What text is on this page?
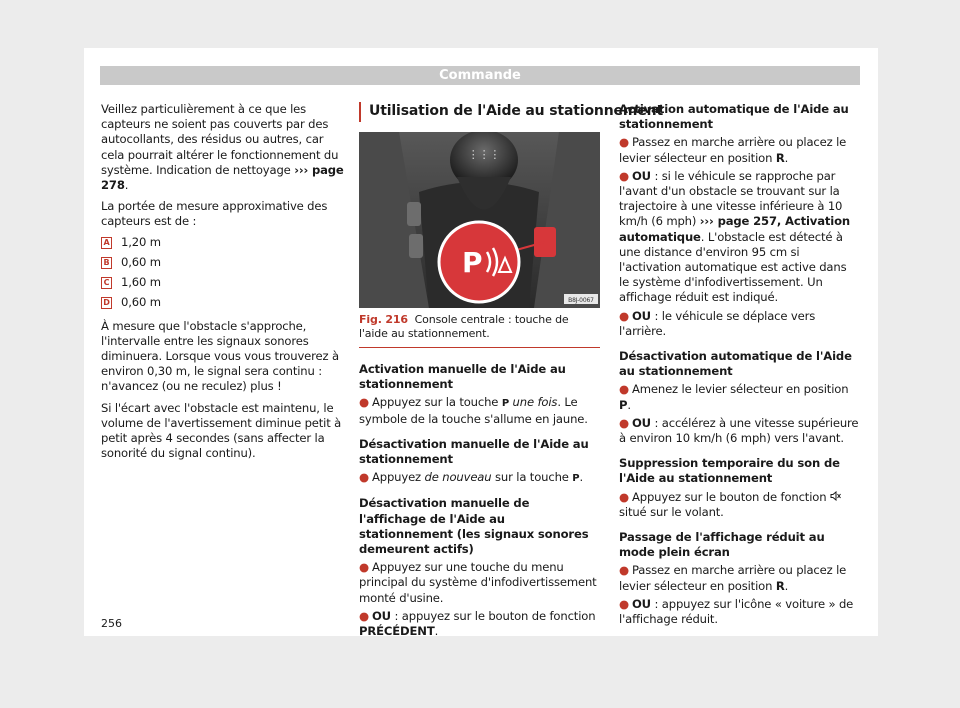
Commande

Veillez particulièrement à ce que les capteurs ne soient pas couverts par des autocollants, des résidus ou autres, car cela pourrait altérer le fonctionnement du système. Indication de nettoyage ››› page 278.

La portée de mesure approximative des capteurs est de :

A 1,20 m
B 0,60 m
C 1,60 m
D 0,60 m

À mesure que l'obstacle s'approche, l'intervalle entre les signaux sonores diminuera. Lorsque vous vous trouverez à environ 0,30 m, le signal sera continu : n'avancez (ou ne reculez) plus !

Si l'écart avec l'obstacle est maintenu, le volume de l'avertissement diminue petit à petit après 4 secondes (sans affecter la sonorité du signal continu).

Utilisation de l'Aide au stationnement
⋮⋮⋮
P
B8J-0067
Fig. 216 Console centrale : touche de l'aide au stationnement.
Activation manuelle de l'Aide au stationnement
● Appuyez sur la touche P une fois. Le symbole de la touche s'allume en jaune.
Désactivation manuelle de l'Aide au stationnement
● Appuyez de nouveau sur la touche P.
Désactivation manuelle de l'affichage de l'Aide au stationnement (les signaux sonores demeurent actifs)
● Appuyez sur une touche du menu principal du système d'infodivertissement monté d'usine.
● OU : appuyez sur le bouton de fonction PRÉCÉDENT.
Activation automatique de l'Aide au stationnement
● Passez en marche arrière ou placez le levier sélecteur en position R.
● OU : si le véhicule se rapproche par l'avant d'un obstacle se trouvant sur la trajectoire à une vitesse inférieure à 10 km/h (6 mph) ››› page 257, Activation automatique. L'obstacle est détecté à une distance d'environ 95 cm si l'activation automatique est active dans le système d'infodivertissement. Un affichage réduit est indiqué.
● OU : le véhicule se déplace vers l'arrière.
Désactivation automatique de l'Aide au stationnement
● Amenez le levier sélecteur en position P.
● OU : accélérez à une vitesse supérieure à environ 10 km/h (6 mph) vers l'avant.
Suppression temporaire du son de l'Aide au stationnement
● Appuyez sur le bouton de fonction  situé sur le volant.
Passage de l'affichage réduit au mode plein écran
● Passez en marche arrière ou placez le levier sélecteur en position R.
● OU : appuyez sur l'icône « voiture » de l'affichage réduit.
256
